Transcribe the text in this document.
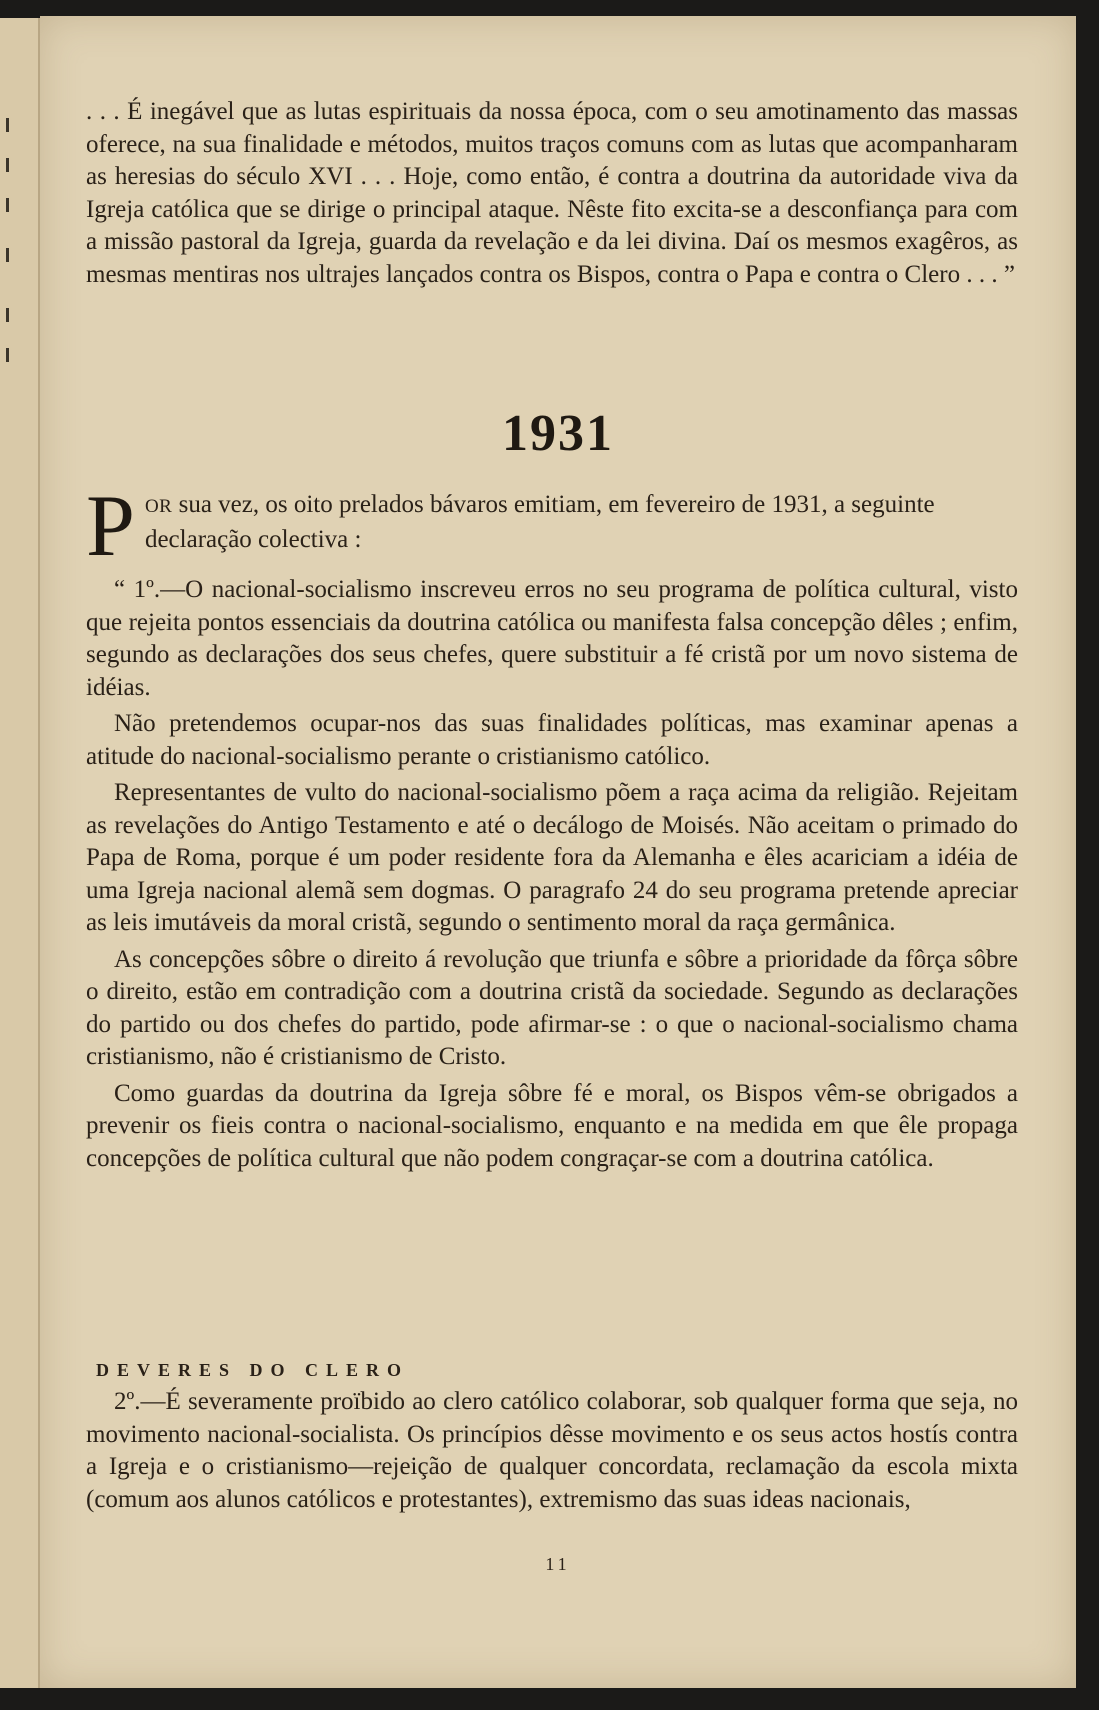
. . . É inegável que as lutas espirituais da nossa época, com o seu amotinamento das massas oferece, na sua finalidade e métodos, muitos traços comuns com as lutas que acompanharam as heresias do século XVI . . . Hoje, como então, é contra a doutrina da autoridade viva da Igreja católica que se dirige o principal ataque. Nêste fito excita-se a desconfiança para com a missão pastoral da Igreja, guarda da revelação e da lei divina. Daí os mesmos exagêros, as mesmas mentiras nos ultrajes lançados contra os Bispos, contra o Papa e contra o Clero . . . ”

1931
P OR sua vez, os oito prelados bávaros emitiam, em fevereiro de 1931, a seguinte declaração colectiva :

“ 1º.—O nacional-socialismo inscreveu erros no seu programa de política cultural, visto que rejeita pontos essenciais da doutrina católica ou manifesta falsa concepção dêles ; enfim, segundo as declarações dos seus chefes, quere substituir a fé cristã por um novo sistema de idéias.

Não pretendemos ocupar-nos das suas finalidades políticas, mas examinar apenas a atitude do nacional-socialismo perante o cristianismo católico.

Representantes de vulto do nacional-socialismo põem a raça acima da religião. Rejeitam as revelações do Antigo Testamento e até o decálogo de Moisés. Não aceitam o primado do Papa de Roma, porque é um poder residente fora da Alemanha e êles acariciam a idéia de uma Igreja nacional alemã sem dogmas. O paragrafo 24 do seu programa pretende apreciar as leis imutáveis da moral cristã, segundo o sentimento moral da raça germânica.

As concepções sôbre o direito á revolução que triunfa e sôbre a prioridade da fôrça sôbre o direito, estão em contradição com a doutrina cristã da sociedade. Segundo as declarações do partido ou dos chefes do partido, pode afirmar-se : o que o nacional-socialismo chama cristianismo, não é cristianismo de Cristo.

Como guardas da doutrina da Igreja sôbre fé e moral, os Bispos vêm-se obrigados a prevenir os fieis contra o nacional-socialismo, enquanto e na medida em que êle propaga concepções de política cultural que não podem congraçar-se com a doutrina católica.

DEVERES DO CLERO

2º.—É severamente proïbido ao clero católico colaborar, sob qualquer forma que seja, no movimento nacional-socialista. Os princípios dêsse movimento e os seus actos hostís contra a Igreja e o cristianismo—rejeição de qualquer concordata, reclamação da escola mixta (comum aos alunos católicos e protestantes), extremismo das suas ideas nacionais,

11
